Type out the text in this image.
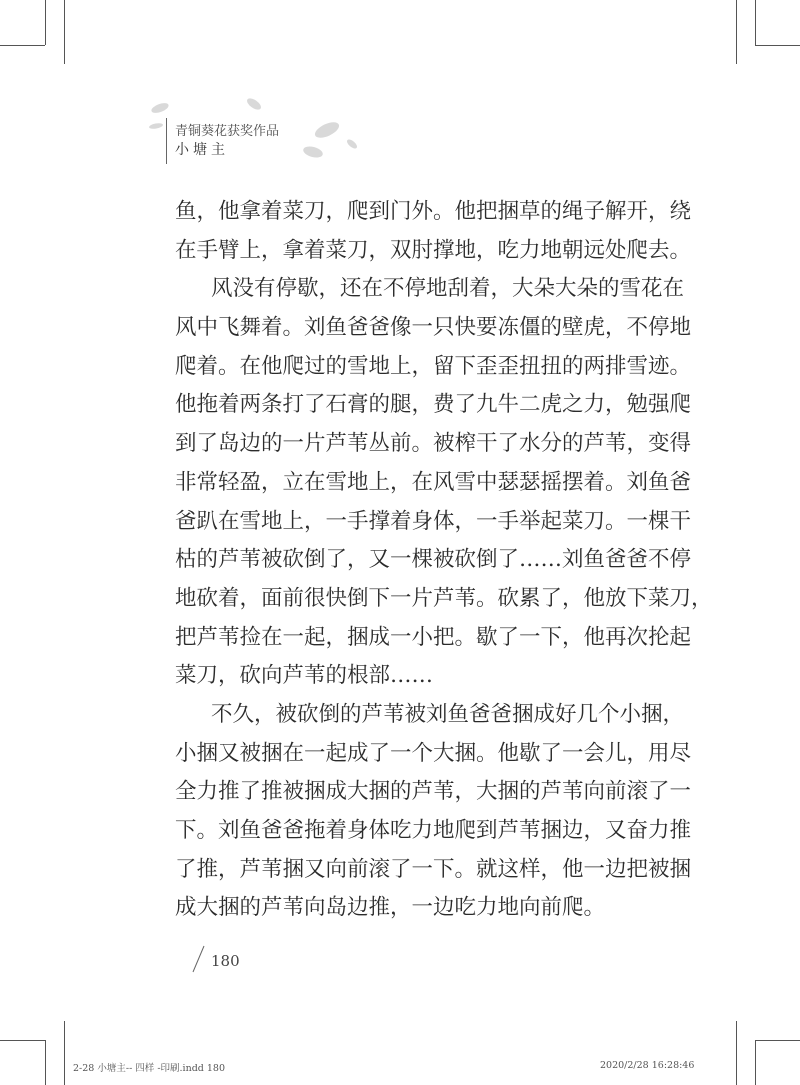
青铜葵花获奖作品
小塘主
鱼，他拿着菜刀，爬到门外。他把捆草的绳子解开，绕
在手臂上，拿着菜刀，双肘撑地，吃力地朝远处爬去。
风没有停歇，还在不停地刮着，大朵大朵的雪花在
风中飞舞着。刘鱼爸爸像一只快要冻僵的壁虎，不停地
爬着。在他爬过的雪地上，留下歪歪扭扭的两排雪迹。
他拖着两条打了石膏的腿，费了九牛二虎之力，勉强爬
到了岛边的一片芦苇丛前。被榨干了水分的芦苇，变得
非常轻盈，立在雪地上，在风雪中瑟瑟摇摆着。刘鱼爸
爸趴在雪地上，一手撑着身体，一手举起菜刀。一棵干
枯的芦苇被砍倒了，又一棵被砍倒了……刘鱼爸爸不停
地砍着，面前很快倒下一片芦苇。砍累了，他放下菜刀，
把芦苇捡在一起，捆成一小把。歇了一下，他再次抡起
菜刀，砍向芦苇的根部……
不久，被砍倒的芦苇被刘鱼爸爸捆成好几个小捆，
小捆又被捆在一起成了一个大捆。他歇了一会儿，用尽
全力推了推被捆成大捆的芦苇，大捆的芦苇向前滚了一
下。刘鱼爸爸拖着身体吃力地爬到芦苇捆边，又奋力推
了推，芦苇捆又向前滚了一下。就这样，他一边把被捆
成大捆的芦苇向岛边推，一边吃力地向前爬。
180
2-28 小塘主-- 四样 -印刷.indd 180	2020/2/28 16:28:46
